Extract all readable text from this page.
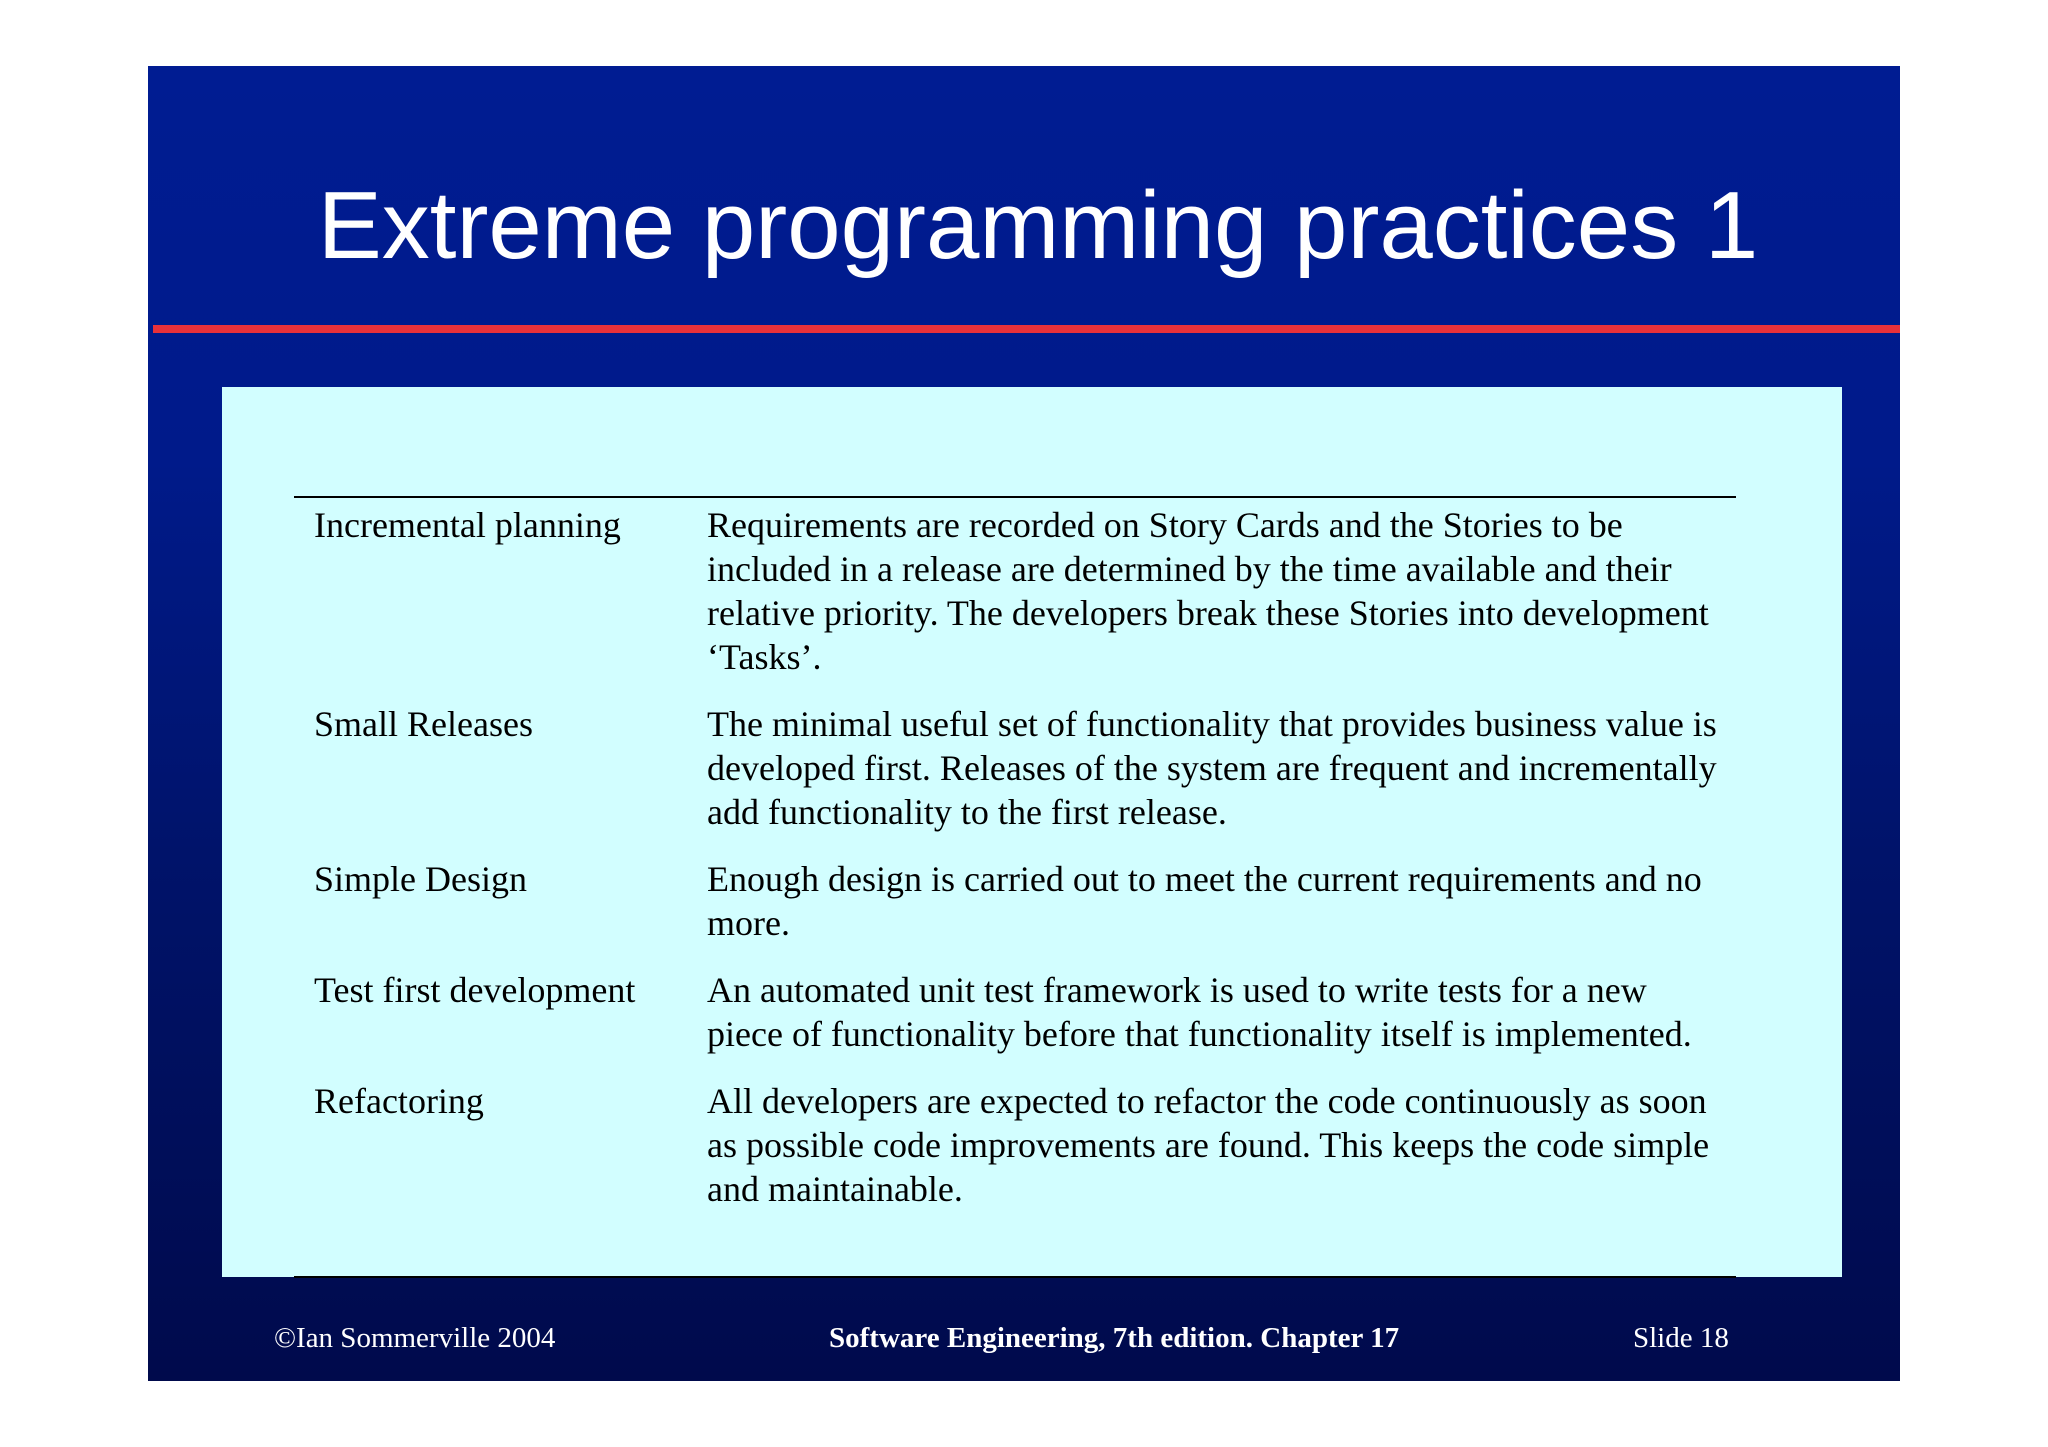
Extreme programming practices 1
Incremental planning	Requirements are recorded on Story Cards and the Stories to be included in a release are determined by the time available and their relative priority. The developers break these Stories into development ‘Tasks’.
Small Releases	The minimal useful set of functionality that provides business value is developed first. Releases of the system are frequent and incrementally add functionality to the first release.
Simple Design	Enough design is carried out to meet the current requirements and no more.
Test first development	An automated unit test framework is used to write tests for a new piece of functionality before that functionality itself is implemented.
Refactoring	All developers are expected to refactor the code continuously as soon as possible code improvements are found. This keeps the code simple and maintainable.
©Ian Sommerville 2004	Software Engineering, 7th edition. Chapter 17	Slide 18
